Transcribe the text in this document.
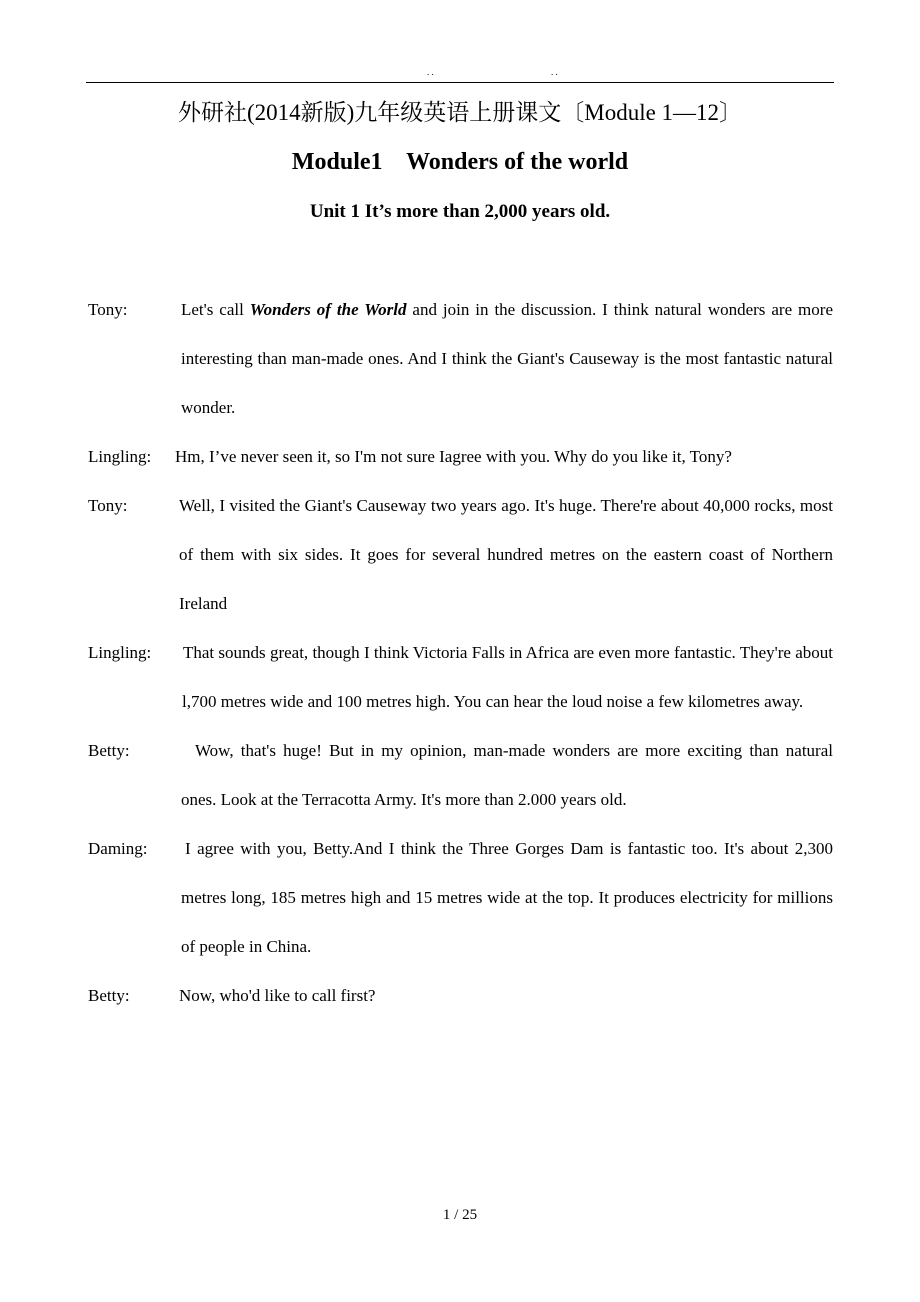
. .	. .
外研社(2014新版)九年级英语上册课文〔Module 1—12〕
Module1    Wonders of the world
Unit 1 It’s more than 2,000 years old.
Tony:	Let's call Wonders of the World and join in the discussion. I think natural wonders are more interesting than man-made ones. And I think the Giant's Causeway is the most fantastic natural wonder.
Lingling:	Hm, I’ve never seen it, so I'm not sure Iagree with you. Why do you like it, Tony?
Tony:	Well, I visited the Giant's Causeway two years ago. It's huge. There're about 40,000 rocks, most of them with six sides. It goes for several hundred metres on the eastern coast of Northern Ireland
Lingling:	That sounds great, though I think Victoria Falls in Africa are even more fantastic. They're about l,700 metres wide and 100 metres high. You can hear the loud noise a few kilometres away.
Betty:	Wow, that's huge! But in my opinion, man-made wonders are more exciting than natural ones. Look at the Terracotta Army. It's more than 2.000 years old.
Daming:	I agree with you, Betty.And I think the Three Gorges Dam is fantastic too. It's about 2,300 metres long, 185 metres high and 15 metres wide at the top. It produces electricity for millions of people in China.
Betty:	Now, who'd like to call first?
1 / 25
